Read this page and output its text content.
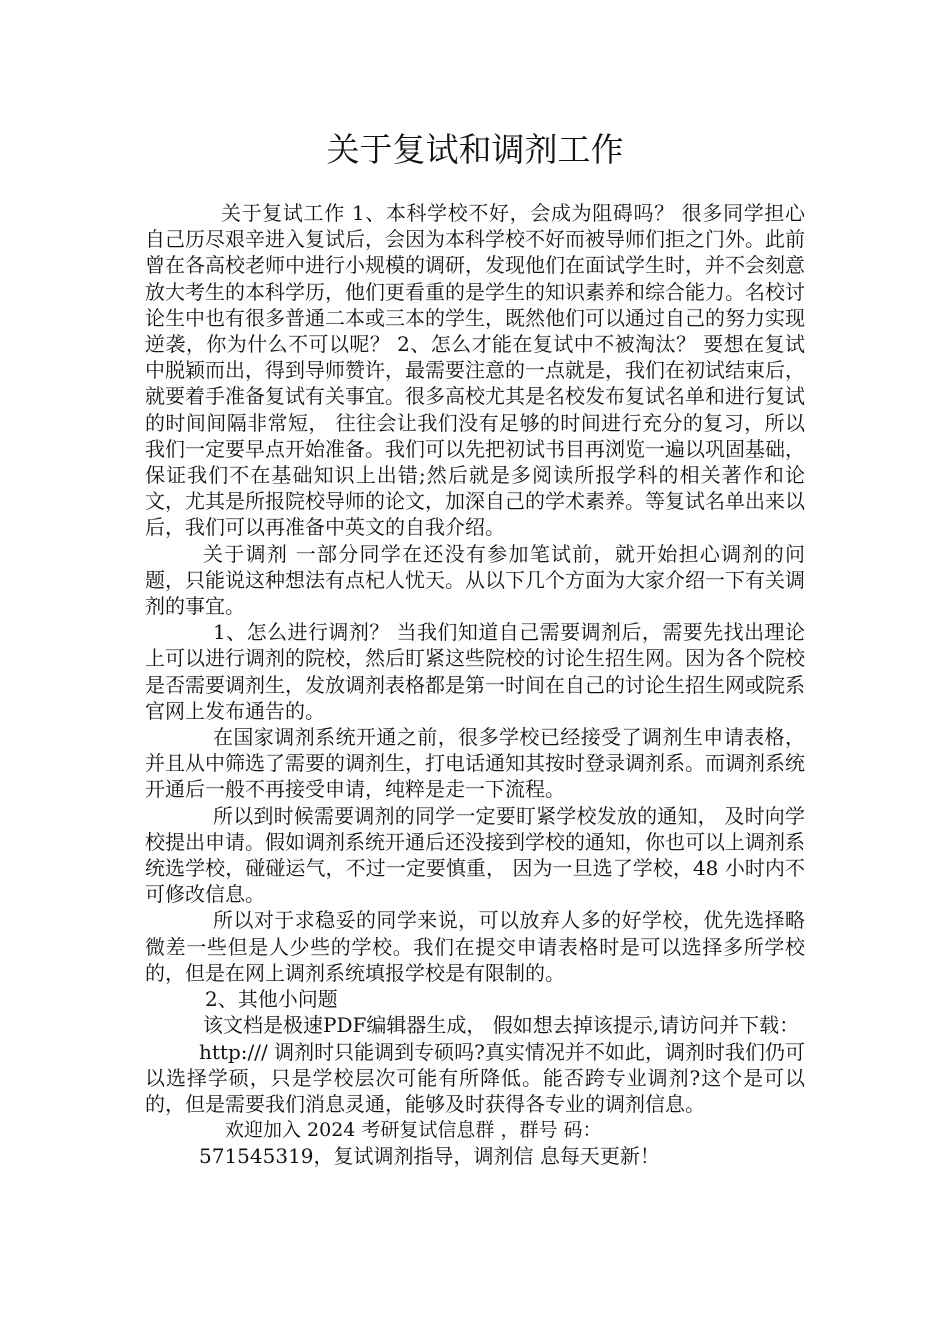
关于复试和调剂工作

关于复试工作 1、本科学校不好，会成为阻碍吗？ 很多同学担心自己历尽艰辛进入复试后，会因为本科学校不好而被导师们拒之门外。此前曾在各高校老师中进行小规模的调研，发现他们在面试学生时，并不会刻意放大考生的本科学历，他们更看重的是学生的知识素养和综合能力。名校讨论生中也有很多普通二本或三本的学生，既然他们可以通过自己的努力实现逆袭，你为什么不可以呢？ 2、怎么才能在复试中不被淘汰？ 要想在复试中脱颖而出，得到导师赞许，最需要注意的一点就是，我们在初试结束后，就要着手准备复试有关事宜。很多高校尤其是名校发布复试名单和进行复试的时间间隔非常短， 往往会让我们没有足够的时间进行充分的复习，所以我们一定要早点开始准备。我们可以先把初试书目再浏览一遍以巩固基础，保证我们不在基础知识上出错;然后就是多阅读所报学科的相关著作和论文，尤其是所报院校导师的论文，加深自己的学术素养。等复试名单出来以后，我们可以再准备中英文的自我介绍。

关于调剂 一部分同学在还没有参加笔试前，就开始担心调剂的问题，只能说这种想法有点杞人忧天。从以下几个方面为大家介绍一下有关调剂的事宜。

1、怎么进行调剂？ 当我们知道自己需要调剂后，需要先找出理论上可以进行调剂的院校，然后盯紧这些院校的讨论生招生网。因为各个院校是否需要调剂生，发放调剂表格都是第一时间在自己的讨论生招生网或院系官网上发布通告的。

在国家调剂系统开通之前，很多学校已经接受了调剂生申请表格，并且从中筛选了需要的调剂生，打电话通知其按时登录调剂系。而调剂系统开通后一般不再接受申请，纯粹是走一下流程。

所以到时候需要调剂的同学一定要盯紧学校发放的通知， 及时向学校提出申请。假如调剂系统开通后还没接到学校的通知，你也可以上调剂系统选学校，碰碰运气，不过一定要慎重， 因为一旦选了学校，48 小时内不可修改信息。

所以对于求稳妥的同学来说，可以放弃人多的好学校，优先选择略微差一些但是人少些的学校。我们在提交申请表格时是可以选择多所学校的，但是在网上调剂系统填报学校是有限制的。

2、其他小问题

该文档是极速PDF编辑器生成， 假如想去掉该提示,请访问并下载：

http:/// 调剂时只能调到专硕吗?真实情况并不如此，调剂时我们仍可以选择学硕，只是学校层次可能有所降低。能否跨专业调剂?这个是可以的，但是需要我们消息灵通，能够及时获得各专业的调剂信息。

欢迎加入 2024 考研复试信息群 ，群号 码：

571545319，复试调剂指导，调剂信 息每天更新！
